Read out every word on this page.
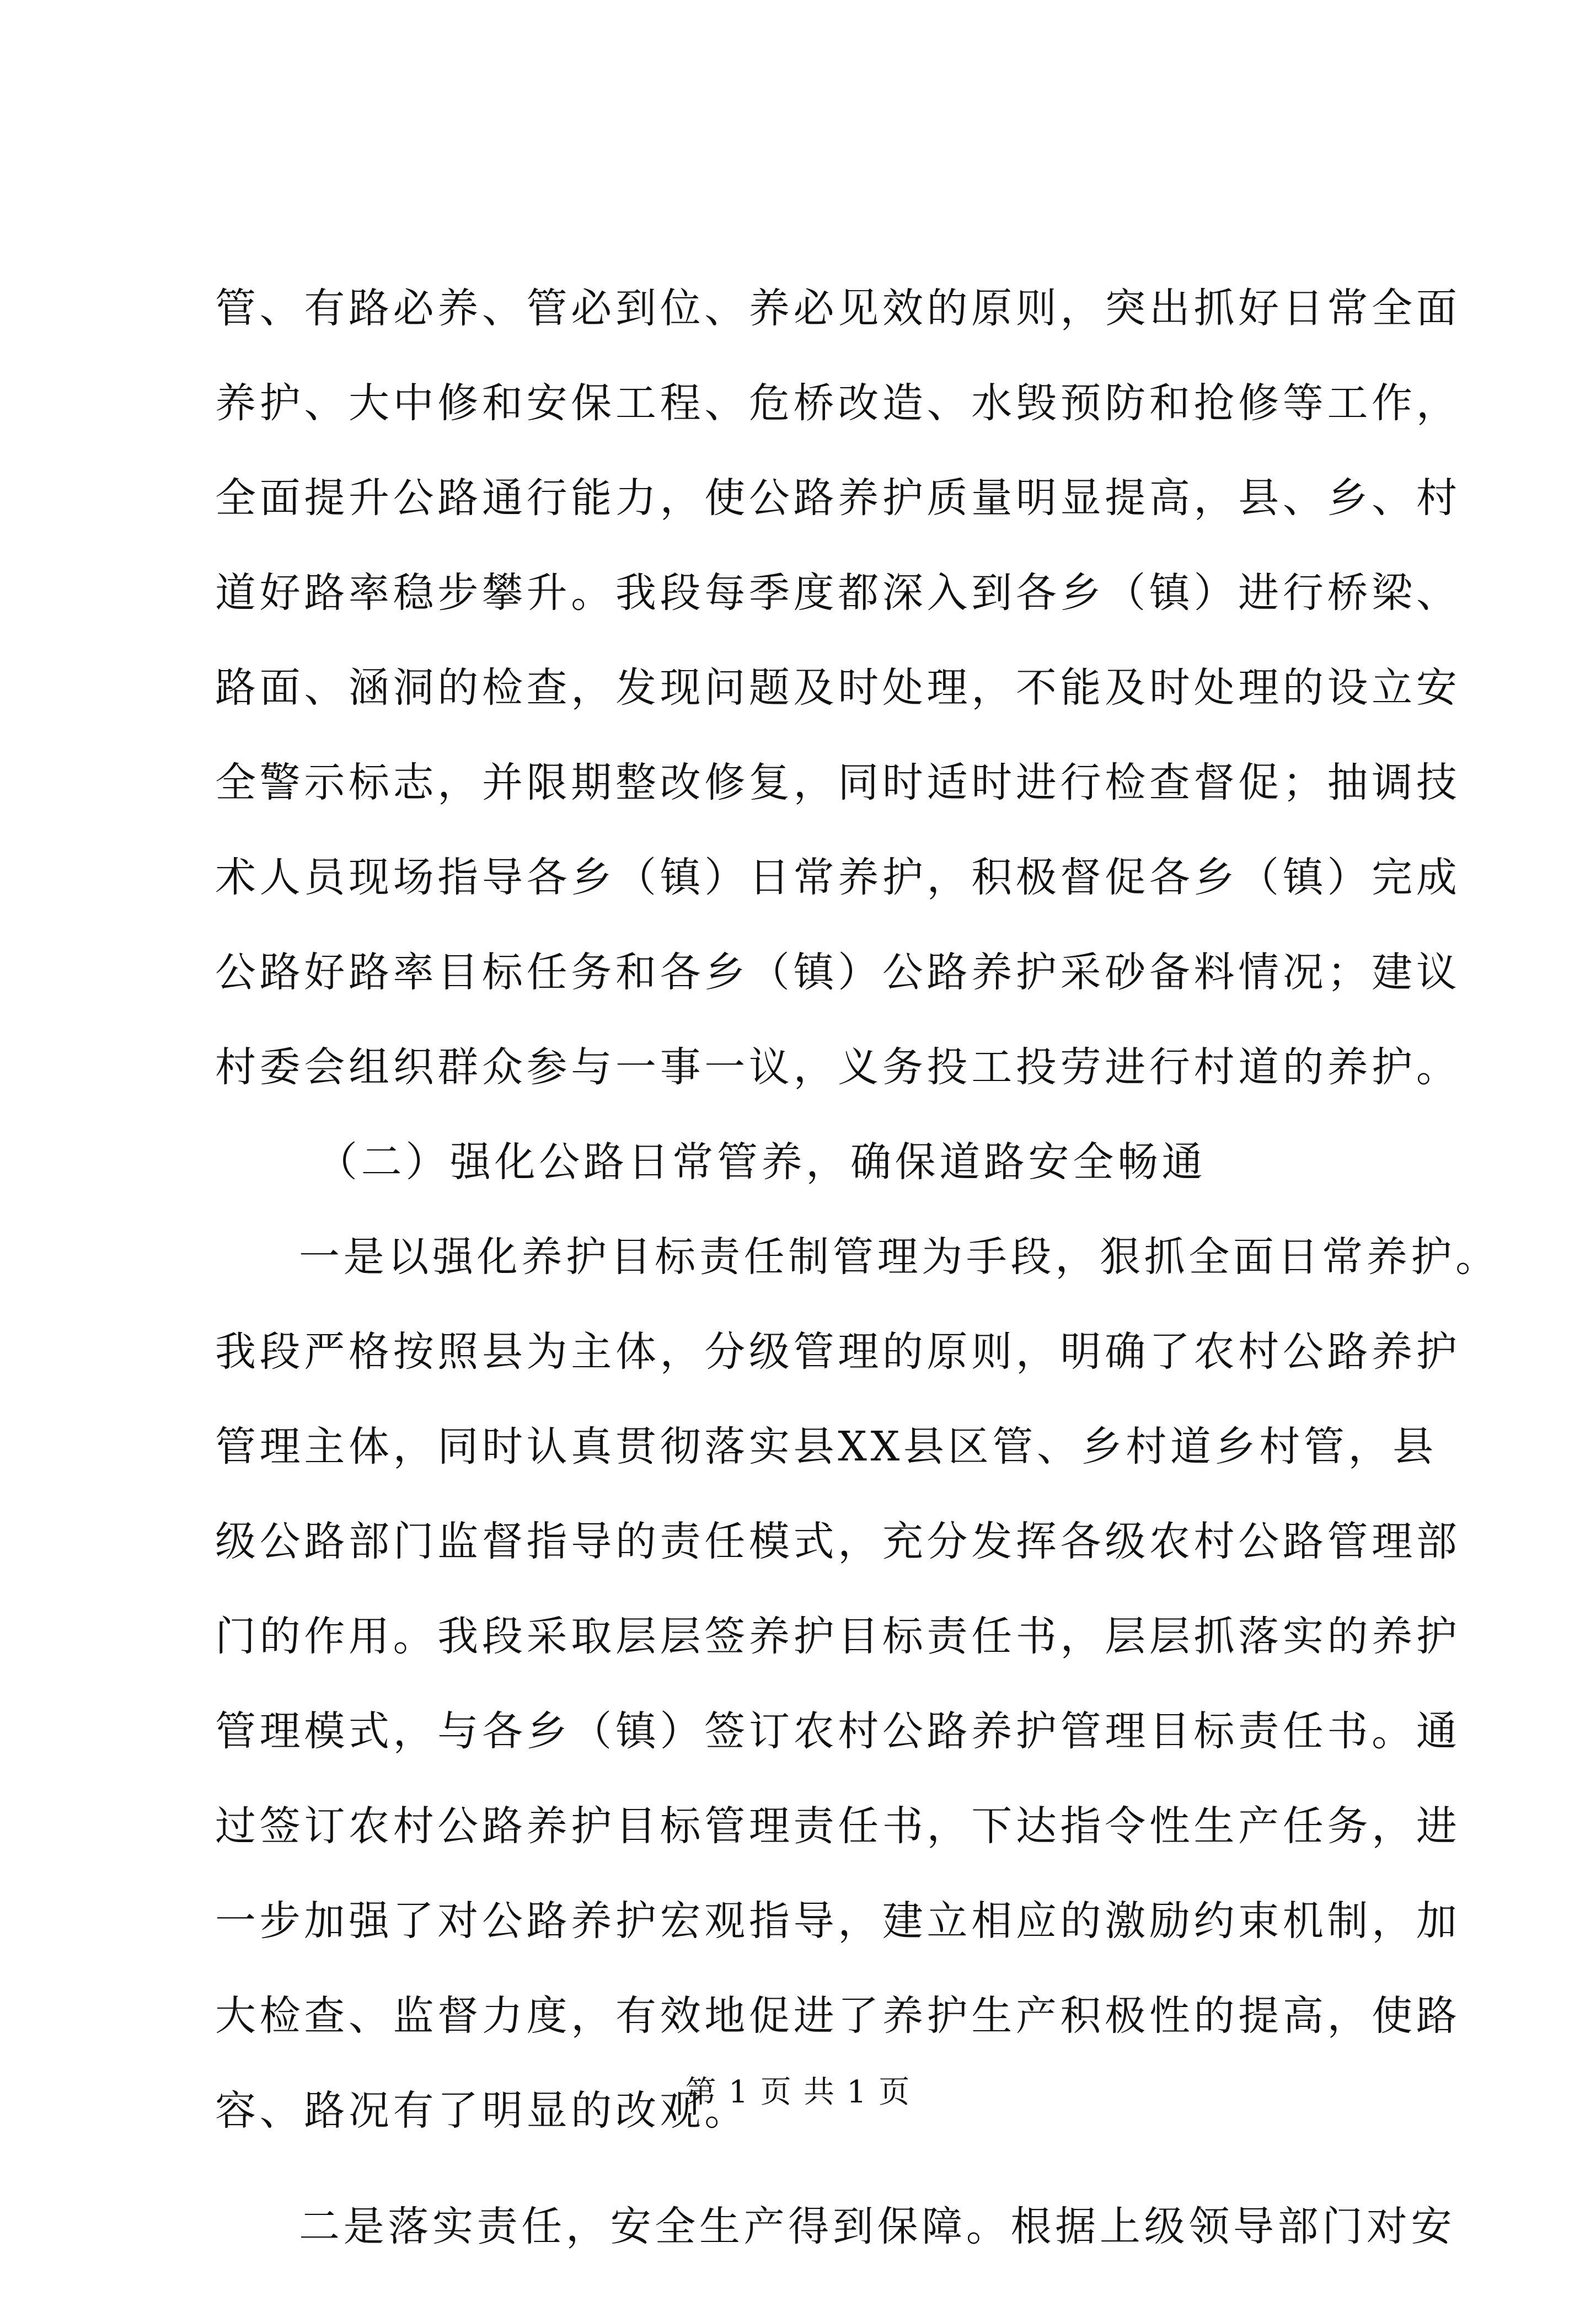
管、有路必养、管必到位、养必见效的原则，突出抓好日常全面
养护、大中修和安保工程、危桥改造、水毁预防和抢修等工作，
全面提升公路通行能力，使公路养护质量明显提高，县、乡、村
道好路率稳步攀升。我段每季度都深入到各乡（镇）进行桥梁、
路面、涵洞的检查，发现问题及时处理，不能及时处理的设立安
全警示标志，并限期整改修复，同时适时进行检查督促；抽调技
术人员现场指导各乡（镇）日常养护，积极督促各乡（镇）完成
公路好路率目标任务和各乡（镇）公路养护采砂备料情况；建议
村委会组织群众参与一事一议，义务投工投劳进行村道的养护。
（二）强化公路日常管养，确保道路安全畅通
一是以强化养护目标责任制管理为手段，狠抓全面日常养护。
我段严格按照县为主体，分级管理的原则，明确了农村公路养护
管理主体，同时认真贯彻落实县XX县区管、乡村道乡村管，县
级公路部门监督指导的责任模式，充分发挥各级农村公路管理部
门的作用。我段采取层层签养护目标责任书，层层抓落实的养护
管理模式，与各乡（镇）签订农村公路养护管理目标责任书。通
过签订农村公路养护目标管理责任书，下达指令性生产任务，进
一步加强了对公路养护宏观指导，建立相应的激励约束机制，加
大检查、监督力度，有效地促进了养护生产积极性的提高，使路
容、路况有了明显的改观。
二是落实责任，安全生产得到保障。根据上级领导部门对安
第 1 页 共 1 页
